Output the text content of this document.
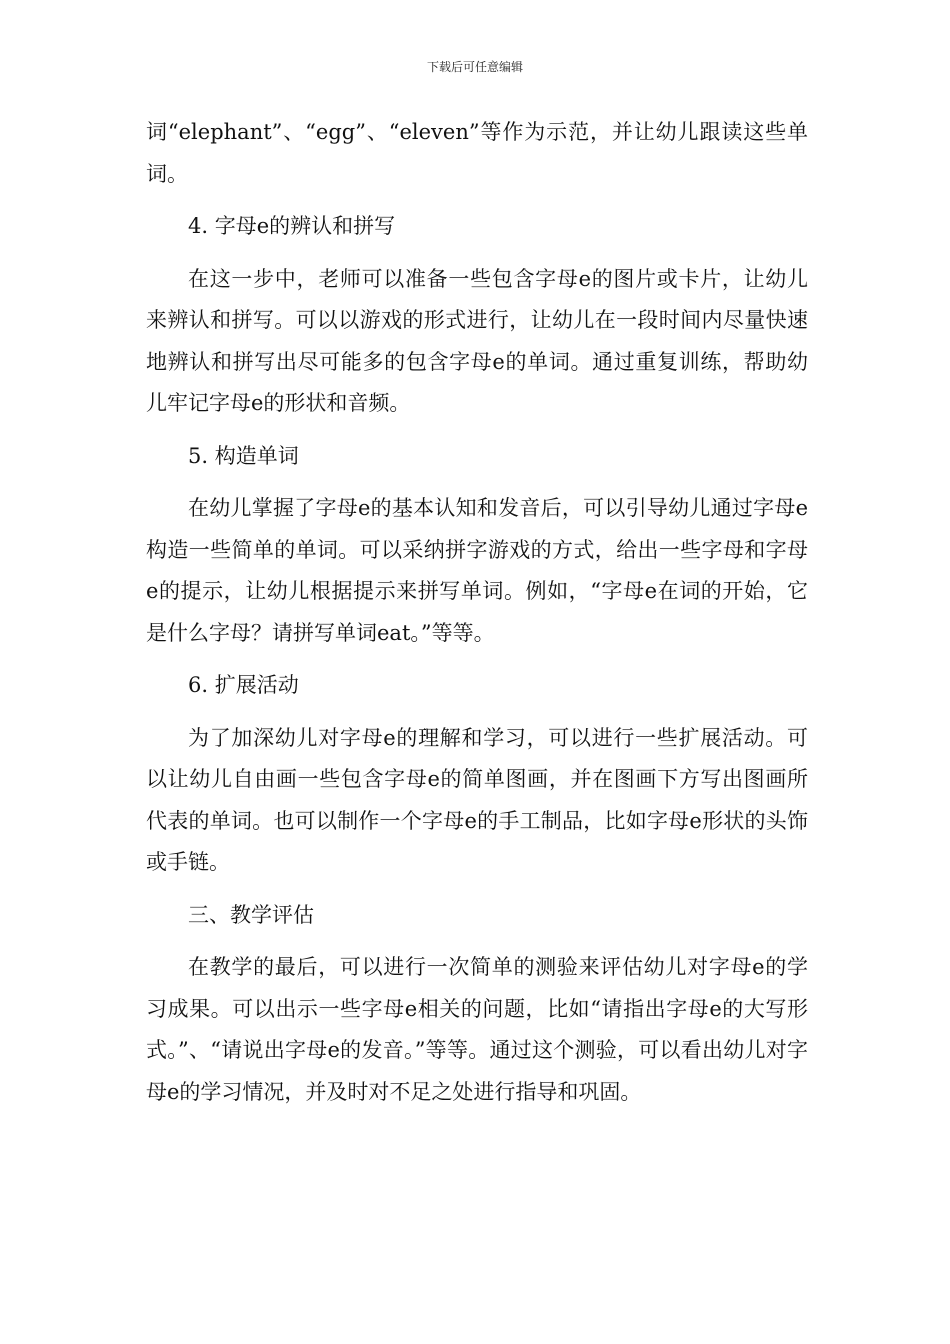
下载后可任意编辑

词“elephant”、“egg”、“eleven”等作为示范，并让幼儿跟读这些单词。

4. 字母e的辨认和拼写

在这一步中，老师可以准备一些包含字母e的图片或卡片，让幼儿来辨认和拼写。可以以游戏的形式进行，让幼儿在一段时间内尽量快速地辨认和拼写出尽可能多的包含字母e的单词。通过重复训练，帮助幼儿牢记字母e的形状和音频。

5. 构造单词

在幼儿掌握了字母e的基本认知和发音后，可以引导幼儿通过字母e构造一些简单的单词。可以采纳拼字游戏的方式，给出一些字母和字母e的提示，让幼儿根据提示来拼写单词。例如，“字母e在词的开始，它是什么字母？请拼写单词eat。”等等。

6. 扩展活动

为了加深幼儿对字母e的理解和学习，可以进行一些扩展活动。可以让幼儿自由画一些包含字母e的简单图画，并在图画下方写出图画所代表的单词。也可以制作一个字母e的手工制品，比如字母e形状的头饰或手链。

三、教学评估

在教学的最后，可以进行一次简单的测验来评估幼儿对字母e的学习成果。可以出示一些字母e相关的问题，比如“请指出字母e的大写形式。”、“请说出字母e的发音。”等等。通过这个测验，可以看出幼儿对字母e的学习情况，并及时对不足之处进行指导和巩固。
